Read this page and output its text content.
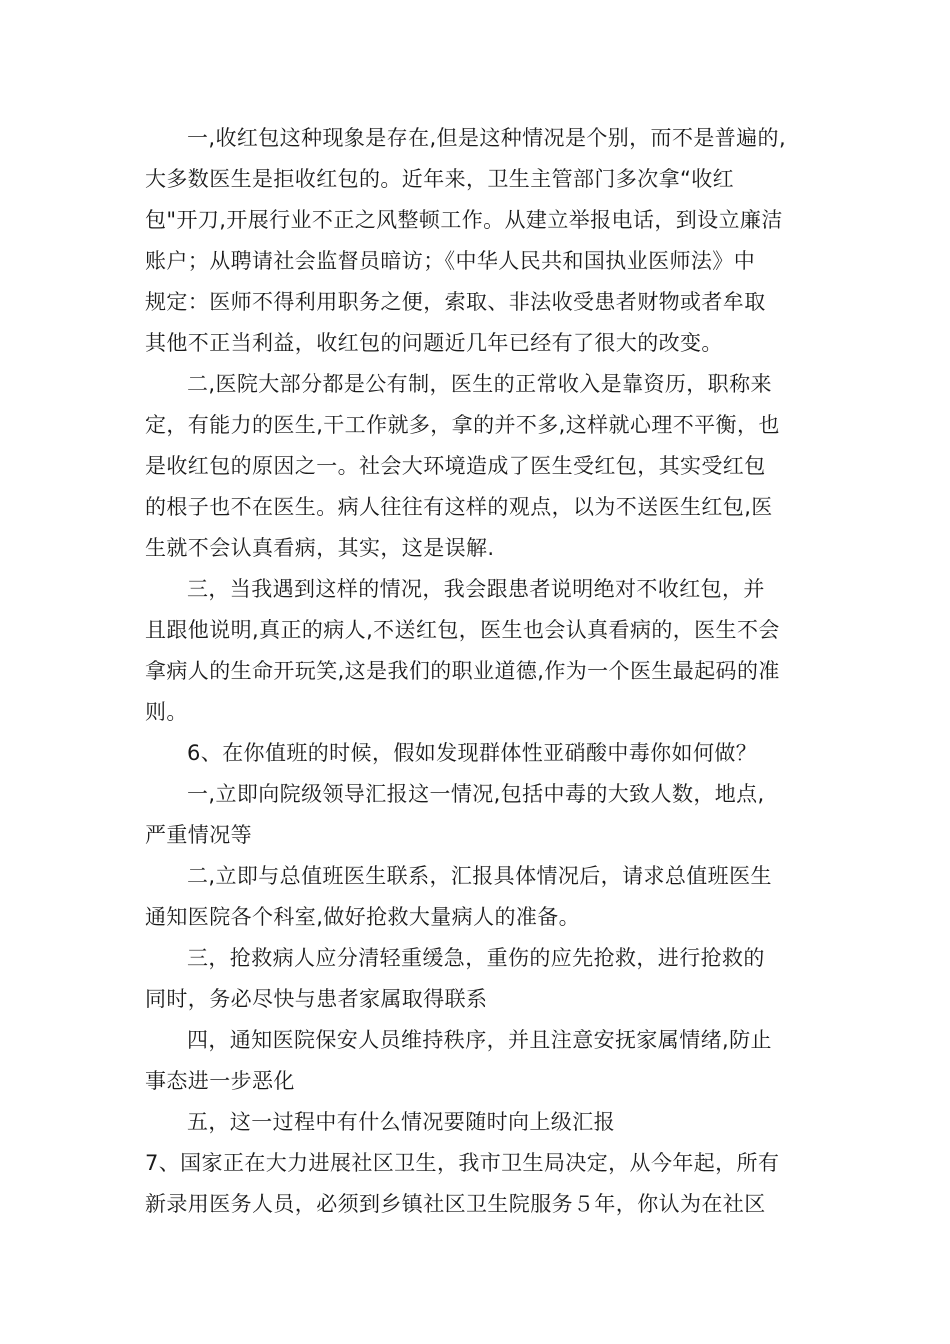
一,收红包这种现象是存在,但是这种情况是个别，而不是普遍的,
大多数医生是拒收红包的。近年来，卫生主管部门多次拿“收红
包"开刀,开展行业不正之风整顿工作。从建立举报电话，到设立廉洁
账户；从聘请社会监督员暗访；《中华人民共和国执业医师法》中
规定：医师不得利用职务之便，索取、非法收受患者财物或者牟取
其他不正当利益，收红包的问题近几年已经有了很大的改变。
二,医院大部分都是公有制，医生的正常收入是靠资历，职称来
定，有能力的医生,干工作就多，拿的并不多,这样就心理不平衡，也
是收红包的原因之一。社会大环境造成了医生受红包，其实受红包
的根子也不在医生。病人往往有这样的观点，以为不送医生红包,医
生就不会认真看病，其实，这是误解.
三，当我遇到这样的情况，我会跟患者说明绝对不收红包，并
且跟他说明,真正的病人,不送红包，医生也会认真看病的，医生不会
拿病人的生命开玩笑,这是我们的职业道德,作为一个医生最起码的准
则。
6、在你值班的时候，假如发现群体性亚硝酸中毒你如何做？
一,立即向院级领导汇报这一情况,包括中毒的大致人数，地点,
严重情况等
二,立即与总值班医生联系，汇报具体情况后，请求总值班医生
通知医院各个科室,做好抢救大量病人的准备。
三，抢救病人应分清轻重缓急，重伤的应先抢救，进行抢救的
同时，务必尽快与患者家属取得联系
四，通知医院保安人员维持秩序，并且注意安抚家属情绪,防止
事态进一步恶化
五，这一过程中有什么情况要随时向上级汇报
7、国家正在大力进展社区卫生，我市卫生局决定，从今年起，所有
新录用医务人员，必须到乡镇社区卫生院服务５年，你认为在社区
